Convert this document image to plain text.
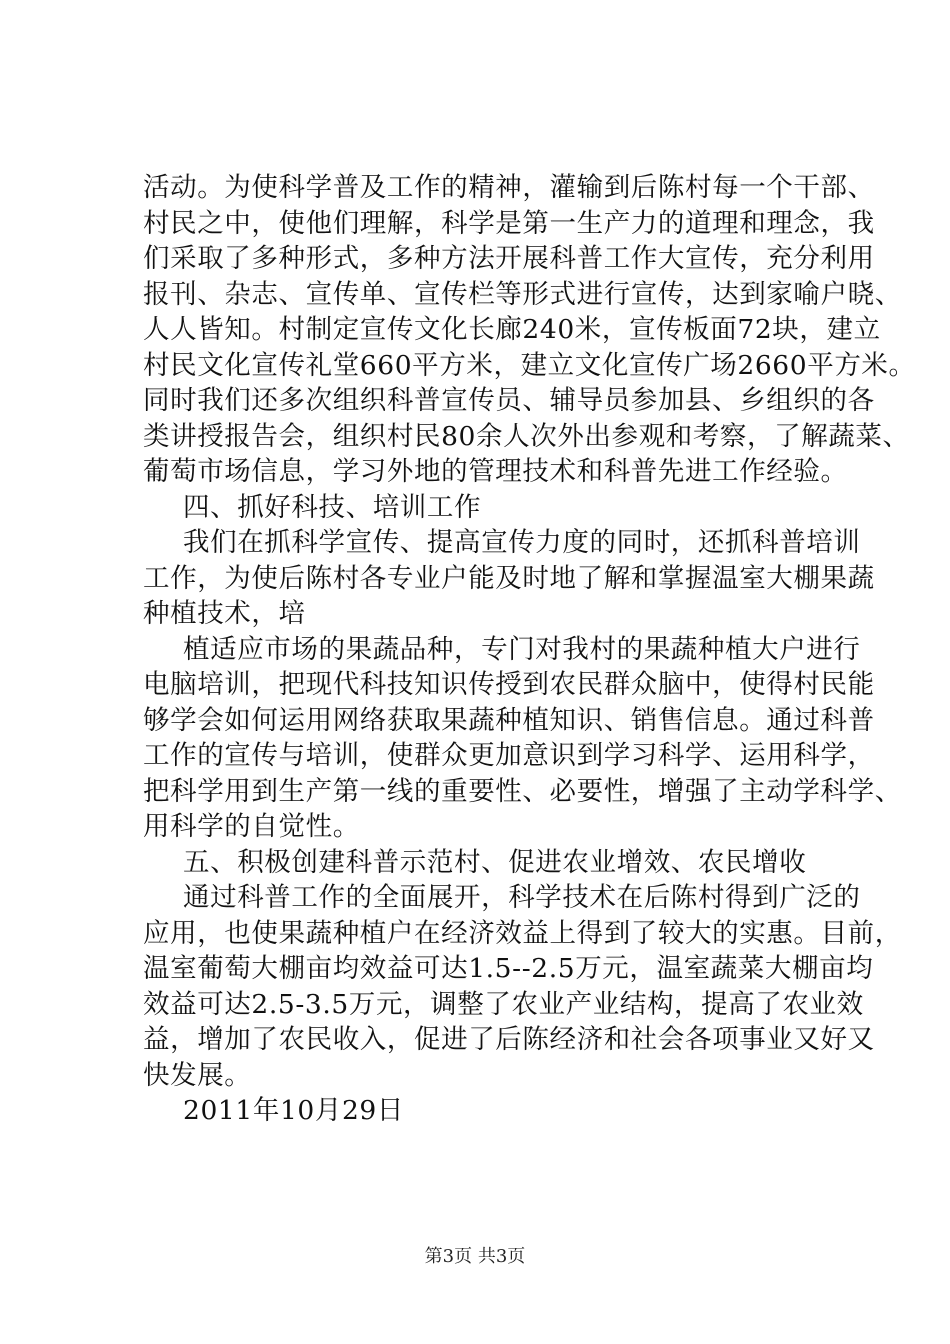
活动。为使科学普及工作的精神，灌输到后陈村每一个干部、

村民之中，使他们理解，科学是第一生产力的道理和理念，我

们采取了多种形式，多种方法开展科普工作大宣传，充分利用

报刊、杂志、宣传单、宣传栏等形式进行宣传，达到家喻户晓、

人人皆知。村制定宣传文化长廊240米，宣传板面72块，建立

村民文化宣传礼堂660平方米，建立文化宣传广场2660平方米。

同时我们还多次组织科普宣传员、辅导员参加县、乡组织的各

类讲授报告会，组织村民80余人次外出参观和考察，了解蔬菜、

葡萄市场信息，学习外地的管理技术和科普先进工作经验。

四、抓好科技、培训工作

我们在抓科学宣传、提高宣传力度的同时，还抓科普培训

工作，为使后陈村各专业户能及时地了解和掌握温室大棚果蔬

种植技术，培

植适应市场的果蔬品种，专门对我村的果蔬种植大户进行

电脑培训，把现代科技知识传授到农民群众脑中，使得村民能

够学会如何运用网络获取果蔬种植知识、销售信息。通过科普

工作的宣传与培训，使群众更加意识到学习科学、运用科学，

把科学用到生产第一线的重要性、必要性，增强了主动学科学、

用科学的自觉性。

五、积极创建科普示范村、促进农业增效、农民增收

通过科普工作的全面展开，科学技术在后陈村得到广泛的

应用，也使果蔬种植户在经济效益上得到了较大的实惠。目前，

温室葡萄大棚亩均效益可达1.5--2.5万元，温室蔬菜大棚亩均

效益可达2.5-3.5万元，调整了农业产业结构，提高了农业效

益，增加了农民收入，促进了后陈经济和社会各项事业又好又

快发展。

2011年10月29日

第3页 共3页
